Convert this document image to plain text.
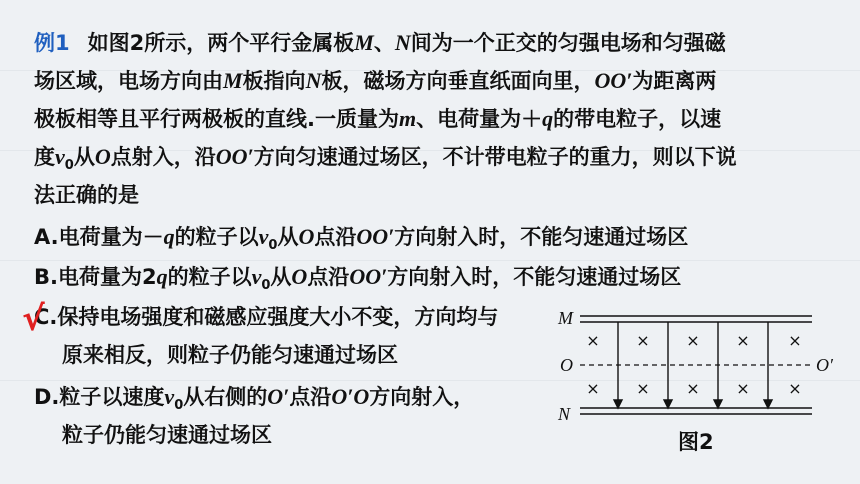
例1 如图2所示，两个平行金属板M、N间为一个正交的匀强电场和匀强磁
场区域，电场方向由M板指向N板，磁场方向垂直纸面向里，OO′为距离两
极板相等且平行两极板的直线.一质量为m、电荷量为＋q的带电粒子，以速
度$v_0$从O点射入，沿OO′方向匀速通过场区，不计带电粒子的重力，则以下说
法正确的是
A.电荷量为－q的粒子以$v_0$从O点沿OO′方向射入时，不能匀速通过场区
B.电荷量为2q的粒子以$v_0$从O点沿OO′方向射入时，不能匀速通过场区
C.保持电场强度和磁感应强度大小不变，方向均与
原来相反，则粒子仍能匀速通过场区
D.粒子以速度$v_0$从右侧的O′点沿O′O方向射入，
粒子仍能匀速通过场区
√
× × × × ×
× × × × ×
M
O	O′
N
图2
